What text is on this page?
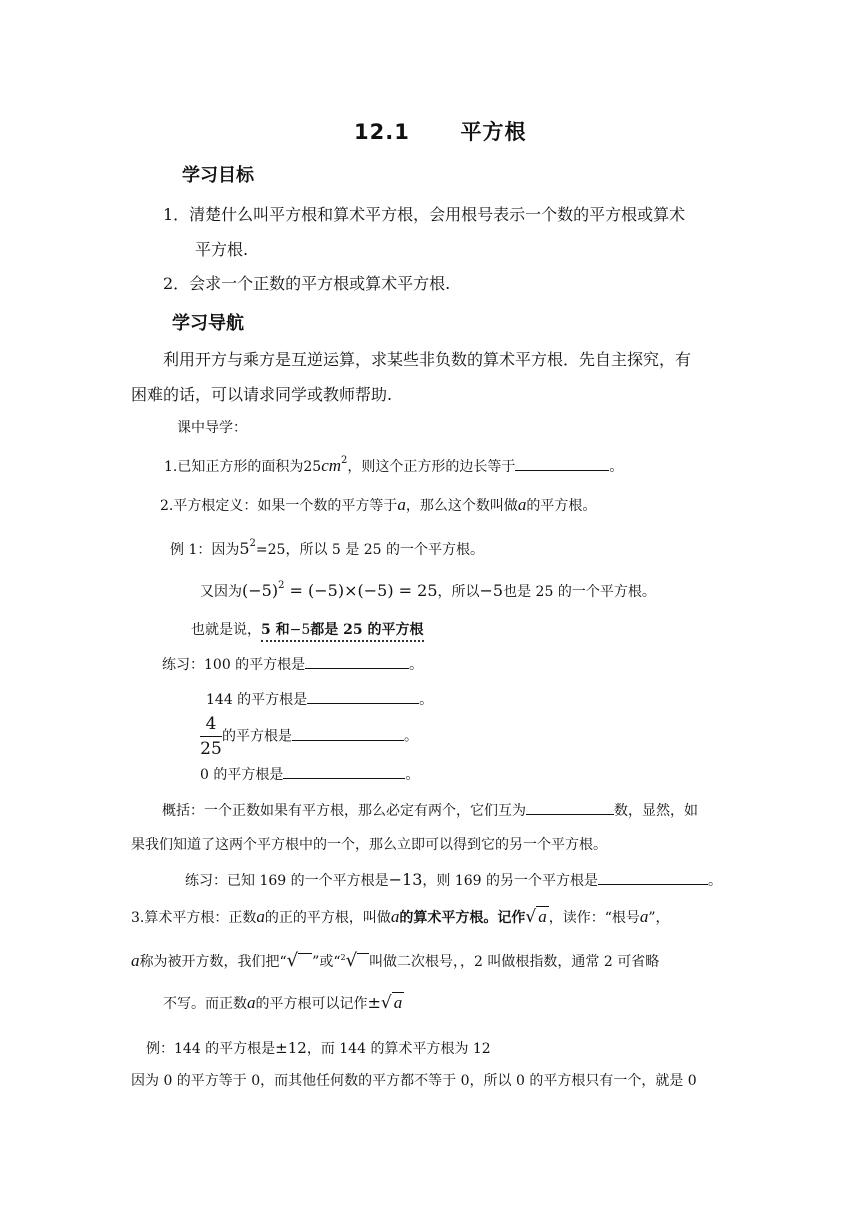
12.1 平方根
学习目标
1．清楚什么叫平方根和算术平方根，会用根号表示一个数的平方根或算术
平方根.
2．会求一个正数的平方根或算术平方根.
学习导航
利用开方与乘方是互逆运算，求某些非负数的算术平方根．先自主探究，有
困难的话，可以请求同学或教师帮助.
课中导学：
1.已知正方形的面积为$25cm^2$，则这个正方形的边长等于	。
2.平方根定义：如果一个数的平方等于a，那么这个数叫做a的平方根。
例 1：因为$5^2=25$，所以 5 是 25 的一个平方根。
又因为$(-5)^2 = (-5)\times(-5) = 25$，所以−5也是 25 的一个平方根。
也就是说，5 和−5都是 25 的平方根
练习：100 的平方根是	。
144 的平方根是	。
$\frac{4}{25}$ 的平方根是	。
0 的平方根是	。
概括：一个正数如果有平方根，那么必定有两个，它们互为	数，显然，如
果我们知道了这两个平方根中的一个，那么立即可以得到它的另一个平方根。
练习：已知 169 的一个平方根是−13，则 169 的另一个平方根是	。
3.算术平方根：正数a的正的平方根，叫做a的算术平方根。记作√ a ，读作：“根号a”，
a称为被开方数，我们把“√ ”或“$^2$√ 叫做二次根号，，2 叫做根指数，通常 2 可省略
不写。而正数a的平方根可以记作±√ a
例：144 的平方根是±12，而 144 的算术平方根为 12
因为 0 的平方等于 0，而其他任何数的平方都不等于 0，所以 0 的平方根只有一个，就是 0
